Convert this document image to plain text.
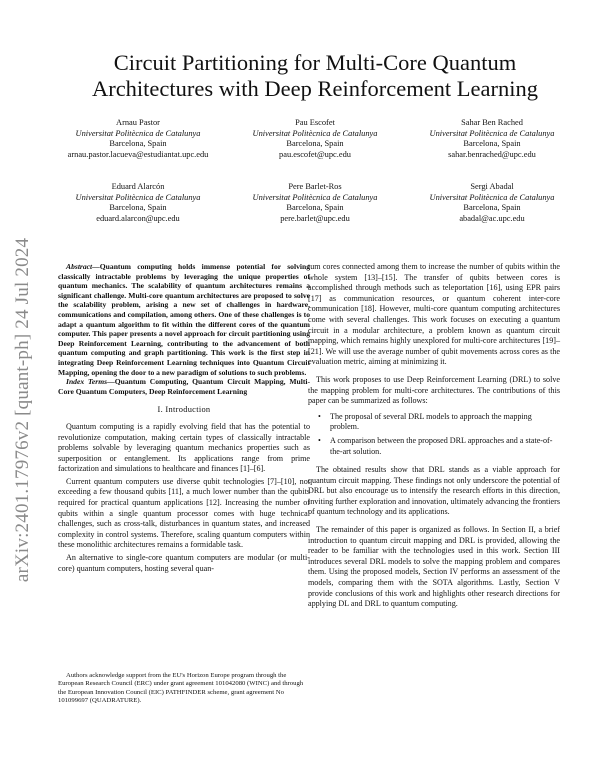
arXiv:2401.17976v2 [quant-ph] 24 Jul 2024
Circuit Partitioning for Multi-Core Quantum Architectures with Deep Reinforcement Learning
Arnau Pastor
Universitat Politècnica de Catalunya
Barcelona, Spain
arnau.pastor.lacueva@estudiantat.upc.edu
Pau Escofet
Universitat Politècnica de Catalunya
Barcelona, Spain
pau.escofet@upc.edu
Sahar Ben Rached
Universitat Politècnica de Catalunya
Barcelona, Spain
sahar.benrached@upc.edu
Eduard Alarcón
Universitat Politècnica de Catalunya
Barcelona, Spain
eduard.alarcon@upc.edu
Pere Barlet-Ros
Universitat Politècnica de Catalunya
Barcelona, Spain
pere.barlet@upc.edu
Sergi Abadal
Universitat Politècnica de Catalunya
Barcelona, Spain
abadal@ac.upc.edu

Abstract—Quantum computing holds immense potential for solving classically intractable problems by leveraging the unique properties of quantum mechanics. The scalability of quantum architectures remains a significant challenge. Multi-core quantum architectures are proposed to solve the scalability problem, arising a new set of challenges in hardware, communications and compilation, among others. One of these challenges is to adapt a quantum algorithm to fit within the different cores of the quantum computer. This paper presents a novel approach for circuit partitioning using Deep Reinforcement Learning, contributing to the advancement of both quantum computing and graph partitioning. This work is the first step in integrating Deep Reinforcement Learning techniques into Quantum Circuit Mapping, opening the door to a new paradigm of solutions to such problems.

Index Terms—Quantum Computing, Quantum Circuit Mapping, Multi-Core Quantum Computers, Deep Reinforcement Learning

I. Introduction

Quantum computing is a rapidly evolving field that has the potential to revolutionize computation, making certain types of classically intractable problems solvable by leveraging quantum mechanics properties such as superposition or entanglement. Its applications range from prime factorization and simulations to healthcare and finances [1]–[6].

Current quantum computers use diverse qubit technologies [7]–[10], not exceeding a few thousand qubits [11], a much lower number than the qubits required for practical quantum applications [12]. Increasing the number of qubits within a single quantum processor comes with huge technical challenges, such as cross-talk, disturbances in quantum states, and increased complexity in control systems. Therefore, scaling quantum computers within these monolithic architectures remains a formidable task.

An alternative to single-core quantum computers are modular (or multi-core) quantum computers, hosting several quan-

Authors acknowledge support from the EU's Horizon Europe program through the European Research Council (ERC) under grant agreement 101042080 (WINC) and through the European Innovation Council (EIC) PATHFINDER scheme, grant agreement No 101099697 (QUADRATURE).

tum cores connected among them to increase the number of qubits within the whole system [13]–[15]. The transfer of qubits between cores is accomplished through methods such as teleportation [16], using EPR pairs [17] as communication resources, or quantum coherent inter-core communication [18]. However, multi-core quantum computing architectures come with several challenges. This work focuses on executing a quantum circuit in a modular architecture, a problem known as quantum circuit mapping, which remains highly unexplored for multi-core architectures [19]–[21]. We will use the average number of qubit movements across cores as the evaluation metric, aiming at minimizing it.

This work proposes to use Deep Reinforcement Learning (DRL) to solve the mapping problem for multi-core architectures. The contributions of this paper can be summarized as follows:

• The proposal of several DRL models to approach the mapping problem.
• A comparison between the proposed DRL approaches and a state-of-the-art solution.

The obtained results show that DRL stands as a viable approach for quantum circuit mapping. These findings not only underscore the potential of DRL but also encourage us to intensify the research efforts in this direction, inviting further exploration and innovation, ultimately advancing the frontiers of quantum technology and its applications.

The remainder of this paper is organized as follows. In Section II, a brief introduction to quantum circuit mapping and DRL is provided, allowing the reader to be familiar with the technologies used in this work. Section III introduces several DRL models to solve the mapping problem and compares them. Using the proposed models, Section IV performs an assessment of the models, comparing them with the SOTA algorithms. Lastly, Section V provide conclusions of this work and highlights other research directions for applying DL and DRL to quantum computing.
